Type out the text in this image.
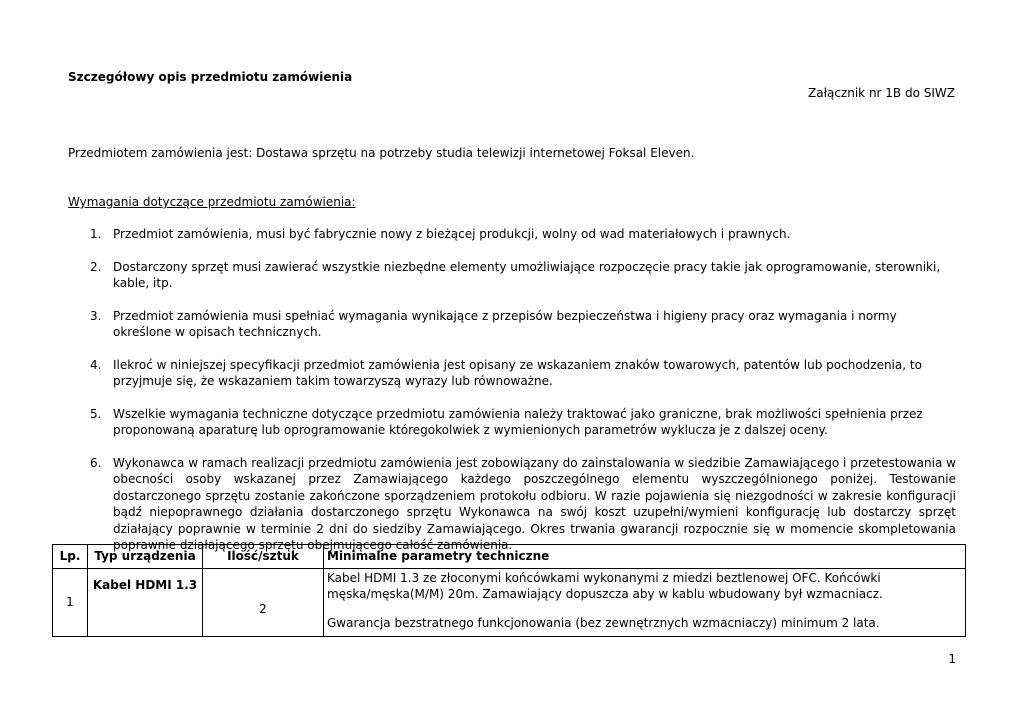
Szczegółowy opis przedmiotu zamówienia
Załącznik nr 1B do SIWZ
Przedmiotem zamówienia jest: Dostawa sprzętu na potrzeby studia telewizji internetowej Foksal Eleven.
Wymagania dotyczące przedmiotu zamówienia:
1. Przedmiot zamówienia, musi być fabrycznie nowy z bieżącej produkcji, wolny od wad materiałowych i prawnych.
2. Dostarczony sprzęt musi zawierać wszystkie niezbędne elementy umożliwiające rozpoczęcie pracy takie jak oprogramowanie, sterowniki, kable, itp.
3. Przedmiot zamówienia musi spełniać wymagania wynikające z przepisów bezpieczeństwa i higieny pracy oraz wymagania i normy określone w opisach technicznych.
4. Ilekroć w niniejszej specyfikacji przedmiot zamówienia jest opisany ze wskazaniem znaków towarowych, patentów lub pochodzenia, to przyjmuje się, że wskazaniem takim towarzyszą wyrazy lub równoważne.
5. Wszelkie wymagania techniczne dotyczące przedmiotu zamówienia należy traktować jako graniczne, brak możliwości spełnienia przez proponowaną aparaturę lub oprogramowanie któregokolwiek z wymienionych parametrów wyklucza je z dalszej oceny.
6. Wykonawca w ramach realizacji przedmiotu zamówienia jest zobowiązany do zainstalowania w siedzibie Zamawiającego i przetestowania w obecności osoby wskazanej przez Zamawiającego każdego poszczególnego elementu wyszczególnionego poniżej. Testowanie dostarczonego sprzętu zostanie zakończone sporządzeniem protokołu odbioru. W razie pojawienia się niezgodności w zakresie konfiguracji bądź niepoprawnego działania dostarczonego sprzętu Wykonawca na swój koszt uzupełni/wymieni konfigurację lub dostarczy sprzęt działający poprawnie w terminie 2 dni do siedziby Zamawiającego. Okres trwania gwarancji rozpocznie się w momencie skompletowania poprawnie działającego sprzętu obejmującego całość zamówienia.
Lp.	Typ urządzenia	Ilość/sztuk	Minimalne parametry techniczne
1	Kabel HDMI 1.3	2	Kabel HDMI 1.3 ze złoconymi końcówkami wykonanymi z miedzi beztlenowej OFC. Końcówki męska/męska(M/M) 20m. Zamawiający dopuszcza aby w kablu wbudowany był wzmacniacz.

Gwarancja bezstratnego funkcjonowania (bez zewnętrznych wzmacniaczy) minimum 2 lata.

1
